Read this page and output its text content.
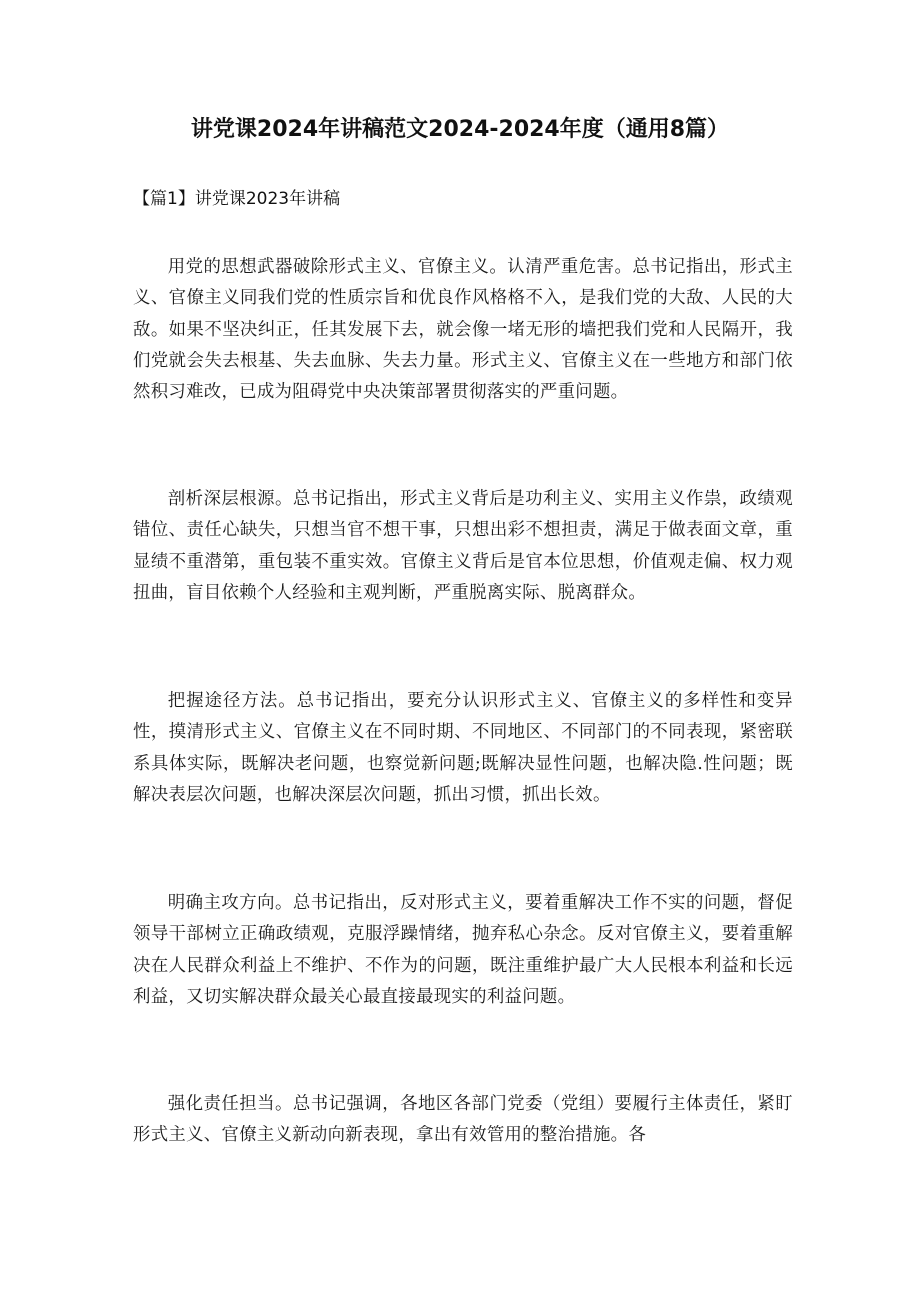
讲党课2024年讲稿范文2024-2024年度（通用8篇）
【篇1】讲党课2023年讲稿

用党的思想武器破除形式主义、官僚主义。认清严重危害。总书记指出，形式主义、官僚主义同我们党的性质宗旨和优良作风格格不入，是我们党的大敌、人民的大敌。如果不坚决纠正，任其发展下去，就会像一堵无形的墙把我们党和人民隔开，我们党就会失去根基、失去血脉、失去力量。形式主义、官僚主义在一些地方和部门依然积习难改，已成为阻碍党中央决策部署贯彻落实的严重问题。

剖析深层根源。总书记指出，形式主义背后是功利主义、实用主义作祟，政绩观错位、责任心缺失，只想当官不想干事，只想出彩不想担责，满足于做表面文章，重显绩不重潜第，重包装不重实效。官僚主义背后是官本位思想，价值观走偏、权力观扭曲，盲目依赖个人经验和主观判断，严重脱离实际、脱离群众。

把握途径方法。总书记指出，要充分认识形式主义、官僚主义的多样性和变异性，摸清形式主义、官僚主义在不同时期、不同地区、不同部门的不同表现，紧密联系具体实际，既解决老问题，也察觉新问题;既解决显性问题，也解决隐.性问题；既解决表层次问题，也解决深层次问题，抓出习惯，抓出长效。

明确主攻方向。总书记指出，反对形式主义，要着重解决工作不实的问题，督促领导干部树立正确政绩观，克服浮躁情绪，抛弃私心杂念。反对官僚主义，要着重解决在人民群众利益上不维护、不作为的问题，既注重维护最广大人民根本利益和长远利益，又切实解决群众最关心最直接最现实的利益问题。

强化责任担当。总书记强调，各地区各部门党委（党组）要履行主体责任，紧盯形式主义、官僚主义新动向新表现，拿出有效管用的整治措施。各
